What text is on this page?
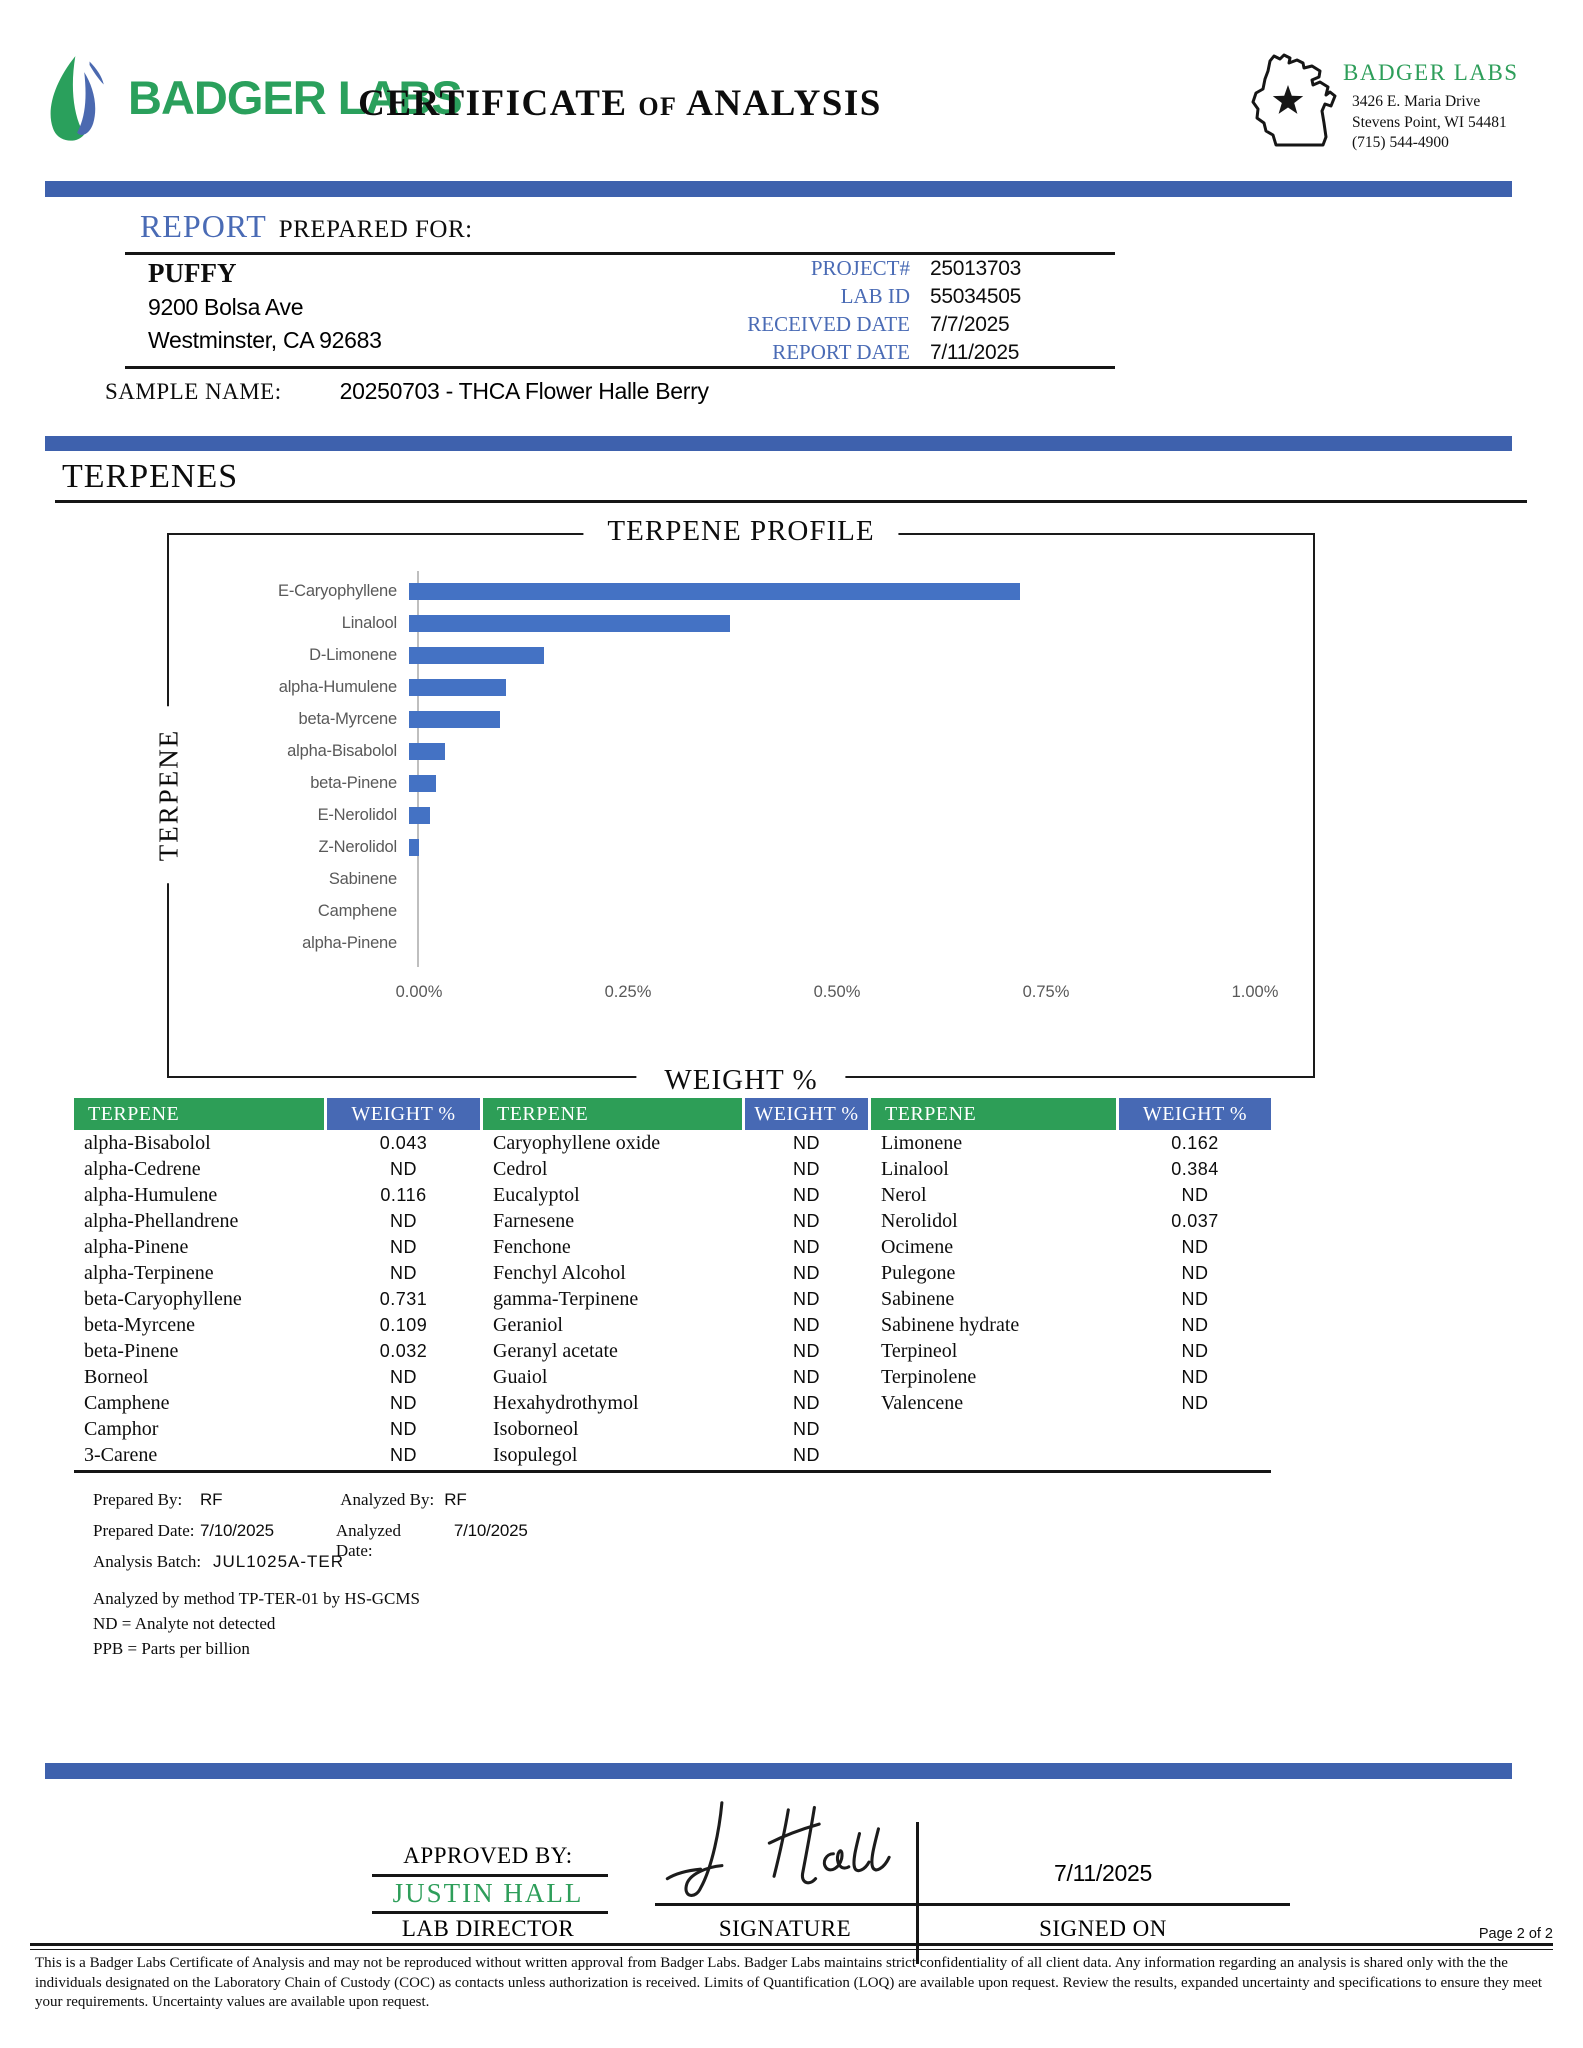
BADGER LABS
CERTIFICATE of ANALYSIS
BADGER LABS
3426 E. Maria Drive
Stevens Point, WI 54481
(715) 544-4900
REPORT PREPARED FOR:
PUFFY
9200 Bolsa Ave
Westminster, CA 92683
PROJECT# 25013703
LAB ID 55034505
RECEIVED DATE 7/7/2025
REPORT DATE 7/11/2025
SAMPLE NAME:	20250703 - THCA Flower Halle Berry
TERPENES
TERPENE PROFILE
TERPENE
WEIGHT %
E-Caryophyllene
Linalool
D-Limonene
alpha-Humulene
beta-Myrcene
alpha-Bisabolol
beta-Pinene
E-Nerolidol
Z-Nerolidol
Sabinene
Camphene
alpha-Pinene
0.00%	0.25%	0.50%	0.75%	1.00%
TERPENE	WEIGHT %	TERPENE	WEIGHT %	TERPENE	WEIGHT %
alpha-Bisabolol	0.043	Caryophyllene oxide	ND	Limonene	0.162
alpha-Cedrene	ND	Cedrol	ND	Linalool	0.384
alpha-Humulene	0.116	Eucalyptol	ND	Nerol	ND
alpha-Phellandrene	ND	Farnesene	ND	Nerolidol	0.037
alpha-Pinene	ND	Fenchone	ND	Ocimene	ND
alpha-Terpinene	ND	Fenchyl Alcohol	ND	Pulegone	ND
beta-Caryophyllene	0.731	gamma-Terpinene	ND	Sabinene	ND
beta-Myrcene	0.109	Geraniol	ND	Sabinene hydrate	ND
beta-Pinene	0.032	Geranyl acetate	ND	Terpineol	ND
Borneol	ND	Guaiol	ND	Terpinolene	ND
Camphene	ND	Hexahydrothymol	ND	Valencene	ND
Camphor	ND	Isoborneol	ND
3-Carene	ND	Isopulegol	ND
Prepared By:	RF	Analyzed By: RF
Prepared Date: 7/10/2025	Analyzed Date:
7/10/2025
Analysis Batch: JUL1025A-TER
Analyzed by method TP-TER-01 by HS-GCMS
ND = Analyte not detected
PPB = Parts per billion
APPROVED BY:
JUSTIN HALL
LAB DIRECTOR	SIGNATURE
7/11/2025
SIGNED ON	Page 2 of 2
This is a Badger Labs Certificate of Analysis and may not be reproduced without written approval from Badger Labs. Badger Labs maintains strict confidentiality of all client data. Any information regarding an analysis is shared only with the the individuals designated on the Laboratory Chain of Custody (COC) as contacts unless authorization is received. Limits of Quantification (LOQ) are available upon request. Review the results, expanded uncertainty and specifications to ensure they meet your requirements. Uncertainty values are available upon request.
